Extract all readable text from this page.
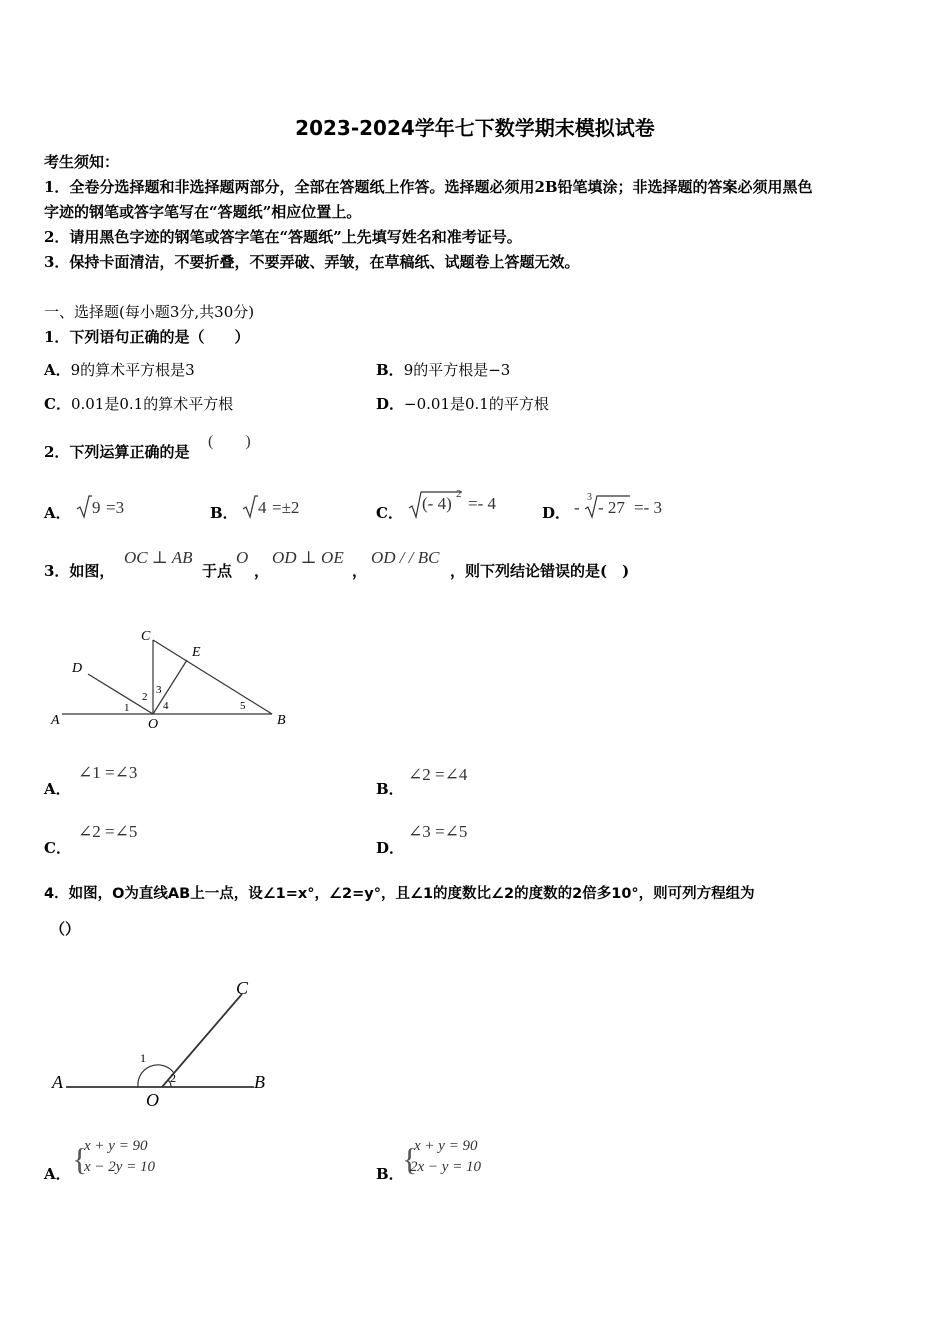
2023-2024学年七下数学期末模拟试卷
考生须知：
1．全卷分选择题和非选择题两部分，全部在答题纸上作答。选择题必须用2B铅笔填涂；非选择题的答案必须用黑色
字迹的钢笔或答字笔写在“答题纸”相应位置上。
2．请用黑色字迹的钢笔或答字笔在“答题纸”上先填写姓名和准考证号。
3．保持卡面清洁，不要折叠，不要弄破、弄皱，在草稿纸、试题卷上答题无效。
一、选择题(每小题3分,共30分)
1．下列语句正确的是（　　）
A．9的算术平方根是3	B．9的平方根是−3
C．0.01是0.1的算术平方根	D．−0.01是0.1的平方根
2．下列运算正确的是
(　　)
A． 9 =3	B． 4 =±2	C． (- 4) 2 =- 4	D． -
3
- 27 =- 3
3．如图，
OC ⊥ AB
于点
O
，
OD ⊥ OE
，
OD / / BC
，则下列结论错误的是(　)
C
E
D
A	O	B
1
2
3
4	5
A．
∠1 =∠3
B．
∠2 =∠4
C．
∠2 =∠5
D．
∠3 =∠5
4．如图，O为直线AB上一点，设∠1=x°，∠2=y°，且∠1的度数比∠2的度数的2倍多10°，则可列方程组为
（）
A
O
B
C
1
2
A． {
x + y = 90
x − 2y = 10	B．
{
x + y = 90
2x − y = 10
